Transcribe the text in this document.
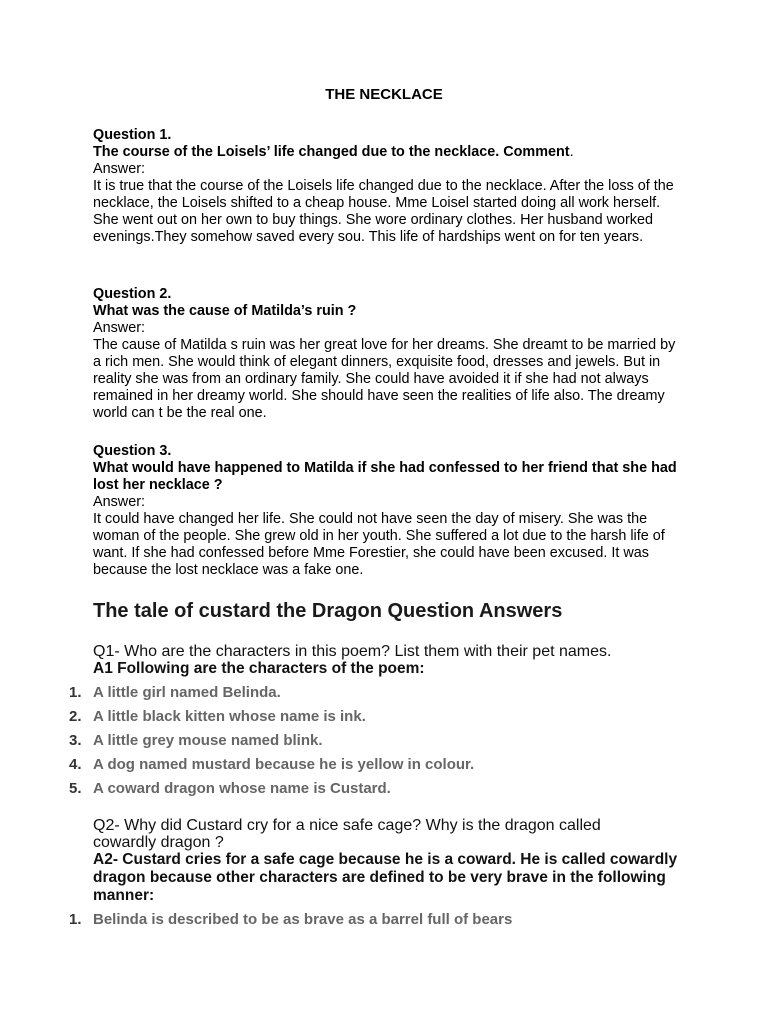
THE NECKLACE

Question 1.

The course of the Loisels’ life changed due to the necklace. Comment.

Answer:

It is true that the course of the Loisels life changed due to the necklace. After the loss of the necklace, the Loisels shifted to a cheap house. Mme Loisel started doing all work herself. She went out on her own to buy things. She wore ordinary clothes. Her husband worked evenings.They somehow saved every sou. This life of hardships went on for ten years.

Question 2.

What was the cause of Matilda’s ruin ?

Answer:

The cause of Matilda s ruin was her great love for her dreams. She dreamt to be married by a rich men. She would think of elegant dinners, exquisite food, dresses and jewels. But in reality she was from an ordinary family. She could have avoided it if she had not always remained in her dreamy world. She should have seen the realities of life also. The dreamy world can t be the real one.

Question 3.

What would have happened to Matilda if she had confessed to her friend that she had lost her necklace ?

Answer:

It could have changed her life. She could not have seen the day of misery. She was the woman of the people. She grew old in her youth. She suffered a lot due to the harsh life of want. If she had confessed before Mme Forestier, she could have been excused. It was because the lost necklace was a fake one.

The tale of custard the Dragon Question Answers

Q1- Who are the characters in this poem? List them with their pet names.

A1 Following are the characters of the poem:

1. A little girl named Belinda.
2. A little black kitten whose name is ink.
3. A little grey mouse named blink.
4. A dog named mustard because he is yellow in colour.
5. A coward dragon whose name is Custard.

Q2- Why did Custard cry for a nice safe cage? Why is the dragon called

cowardly dragon ?

A2- Custard cries for a safe cage because he is a coward. He is called cowardly dragon because other characters are defined to be very brave in the following manner:

1. Belinda is described to be as brave as a barrel full of bears
